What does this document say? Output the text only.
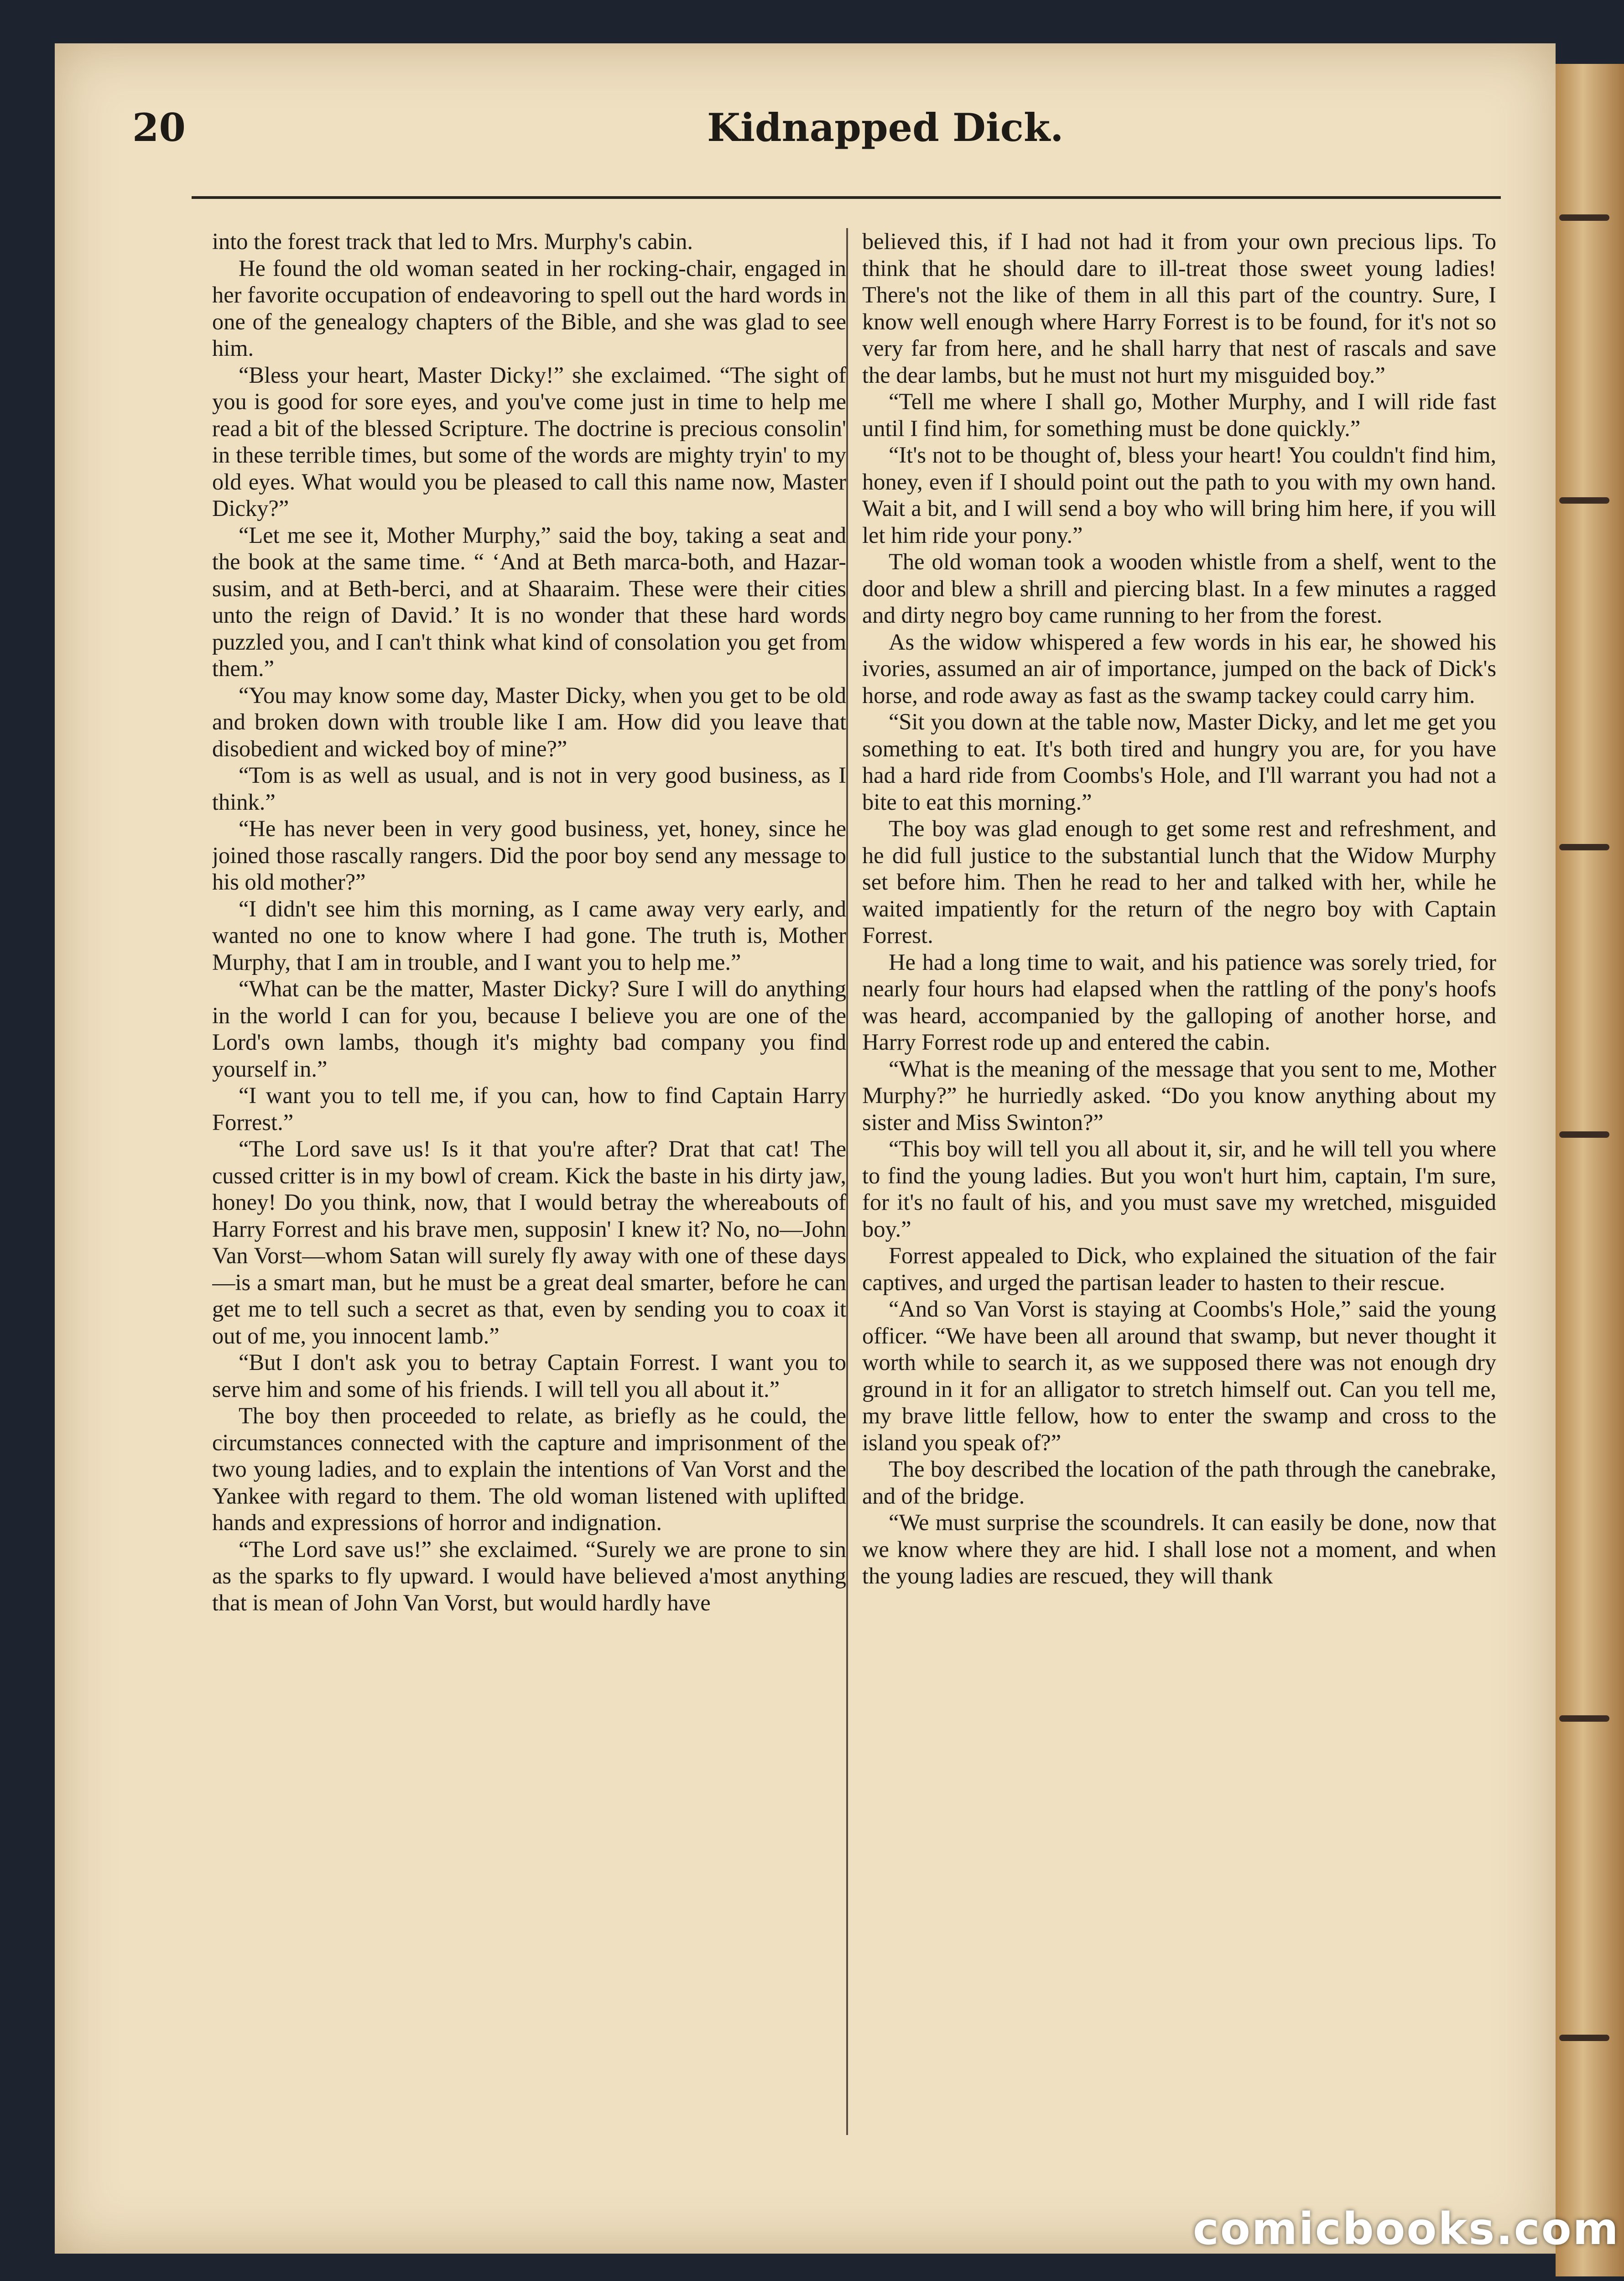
20	Kidnapped Dick.

into the forest track that led to Mrs. Murphy's cabin.

He found the old woman seated in her rocking-chair, engaged in her favorite occupation of endeavoring to spell out the hard words in one of the genealogy chapters of the Bible, and she was glad to see him.

“Bless your heart, Master Dicky!” she exclaimed. “The sight of you is good for sore eyes, and you've come just in time to help me read a bit of the blessed Scripture. The doctrine is precious consolin' in these terrible times, but some of the words are mighty tryin' to my old eyes. What would you be pleased to call this name now, Master Dicky?”

“Let me see it, Mother Murphy,” said the boy, taking a seat and the book at the same time. “ ‘And at Beth marca-both, and Hazar-susim, and at Beth-berci, and at Shaaraim. These were their cities unto the reign of David.’ It is no wonder that these hard words puzzled you, and I can't think what kind of consolation you get from them.”

“You may know some day, Master Dicky, when you get to be old and broken down with trouble like I am. How did you leave that disobedient and wicked boy of mine?”

“Tom is as well as usual, and is not in very good business, as I think.”

“He has never been in very good business, yet, honey, since he joined those rascally rangers. Did the poor boy send any message to his old mother?”

“I didn't see him this morning, as I came away very early, and wanted no one to know where I had gone. The truth is, Mother Murphy, that I am in trouble, and I want you to help me.”

“What can be the matter, Master Dicky? Sure I will do anything in the world I can for you, because I believe you are one of the Lord's own lambs, though it's mighty bad company you find yourself in.”

“I want you to tell me, if you can, how to find Captain Harry Forrest.”

“The Lord save us! Is it that you're after? Drat that cat! The cussed critter is in my bowl of cream. Kick the baste in his dirty jaw, honey! Do you think, now, that I would betray the whereabouts of Harry Forrest and his brave men, supposin' I knew it? No, no—John Van Vorst—whom Satan will surely fly away with one of these days—is a smart man, but he must be a great deal smarter, before he can get me to tell such a secret as that, even by sending you to coax it out of me, you innocent lamb.”

“But I don't ask you to betray Captain Forrest. I want you to serve him and some of his friends. I will tell you all about it.”

The boy then proceeded to relate, as briefly as he could, the circumstances connected with the capture and imprisonment of the two young ladies, and to explain the intentions of Van Vorst and the Yankee with regard to them. The old woman listened with uplifted hands and expressions of horror and indignation.

“The Lord save us!” she exclaimed. “Surely we are prone to sin as the sparks to fly upward. I would have believed a'most anything that is mean of John Van Vorst, but would hardly have

believed this, if I had not had it from your own precious lips. To think that he should dare to ill-treat those sweet young ladies! There's not the like of them in all this part of the country. Sure, I know well enough where Harry Forrest is to be found, for it's not so very far from here, and he shall harry that nest of rascals and save the dear lambs, but he must not hurt my misguided boy.”

“Tell me where I shall go, Mother Murphy, and I will ride fast until I find him, for something must be done quickly.”

“It's not to be thought of, bless your heart! You couldn't find him, honey, even if I should point out the path to you with my own hand. Wait a bit, and I will send a boy who will bring him here, if you will let him ride your pony.”

The old woman took a wooden whistle from a shelf, went to the door and blew a shrill and piercing blast. In a few minutes a ragged and dirty negro boy came running to her from the forest.

As the widow whispered a few words in his ear, he showed his ivories, assumed an air of importance, jumped on the back of Dick's horse, and rode away as fast as the swamp tackey could carry him.

“Sit you down at the table now, Master Dicky, and let me get you something to eat. It's both tired and hungry you are, for you have had a hard ride from Coombs's Hole, and I'll warrant you had not a bite to eat this morning.”

The boy was glad enough to get some rest and refreshment, and he did full justice to the substantial lunch that the Widow Murphy set before him. Then he read to her and talked with her, while he waited impatiently for the return of the negro boy with Captain Forrest.

He had a long time to wait, and his patience was sorely tried, for nearly four hours had elapsed when the rattling of the pony's hoofs was heard, accompanied by the galloping of another horse, and Harry Forrest rode up and entered the cabin.

“What is the meaning of the message that you sent to me, Mother Murphy?” he hurriedly asked. “Do you know anything about my sister and Miss Swinton?”

“This boy will tell you all about it, sir, and he will tell you where to find the young ladies. But you won't hurt him, captain, I'm sure, for it's no fault of his, and you must save my wretched, misguided boy.”

Forrest appealed to Dick, who explained the situation of the fair captives, and urged the partisan leader to hasten to their rescue.

“And so Van Vorst is staying at Coombs's Hole,” said the young officer. “We have been all around that swamp, but never thought it worth while to search it, as we supposed there was not enough dry ground in it for an alligator to stretch himself out. Can you tell me, my brave little fellow, how to enter the swamp and cross to the island you speak of?”

The boy described the location of the path through the canebrake, and of the bridge.

“We must surprise the scoundrels. It can easily be done, now that we know where they are hid. I shall lose not a moment, and when the young ladies are rescued, they will thank

comicbooks.com
